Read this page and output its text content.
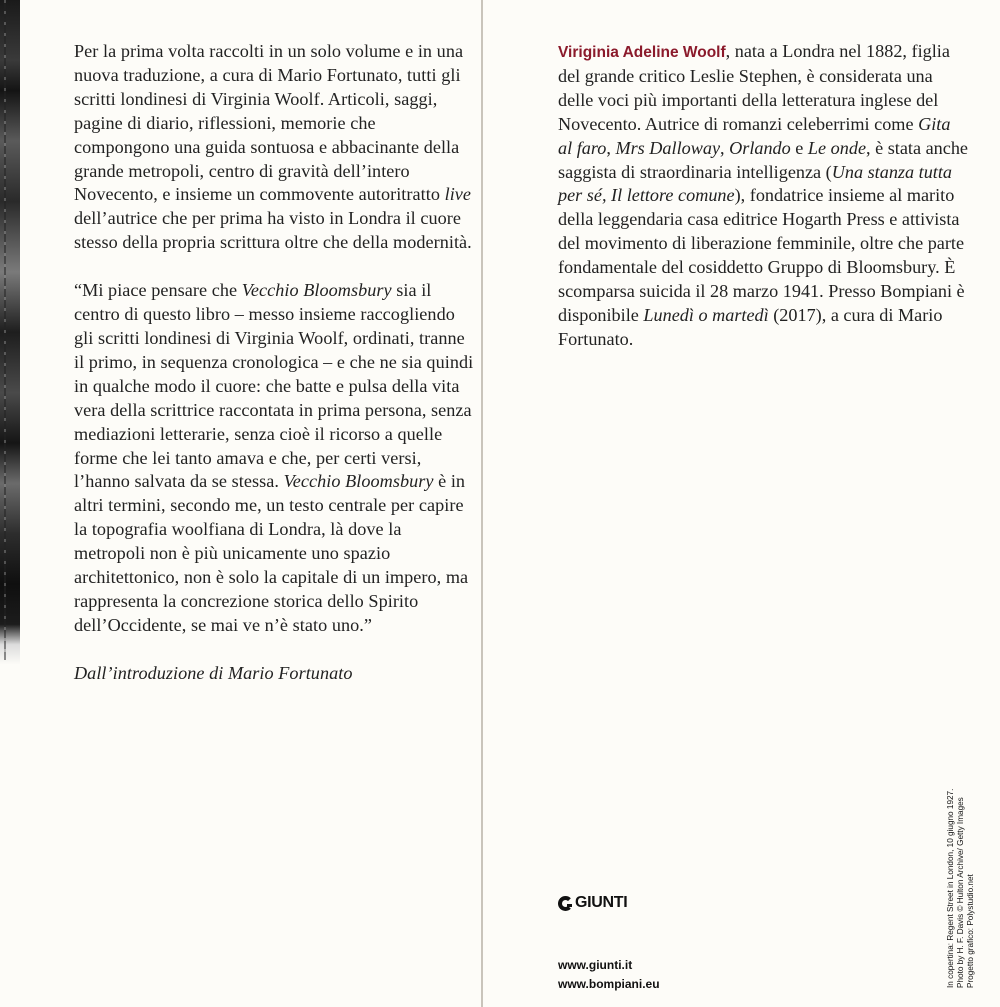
Per la prima volta raccolti in un solo volume e in una nuova traduzione, a cura di Mario Fortunato, tutti gli scritti londinesi di Virginia Woolf. Articoli, saggi, pagine di diario, riflessioni, memorie che compongono una guida sontuosa e abbacinante della grande metropoli, centro di gravità dell’intero Novecento, e insieme un commovente autoritratto live dell’autrice che per prima ha visto in Londra il cuore stesso della propria scrittura oltre che della modernità.

“Mi piace pensare che Vecchio Bloomsbury sia il centro di questo libro – messo insieme raccogliendo gli scritti londinesi di Virginia Woolf, ordinati, tranne il primo, in sequenza cronologica – e che ne sia quindi in qualche modo il cuore: che batte e pulsa della vita vera della scrittrice raccontata in prima persona, senza mediazioni letterarie, senza cioè il ricorso a quelle forme che lei tanto amava e che, per certi versi, l’hanno salvata da se stessa. Vecchio Bloomsbury è in altri termini, secondo me, un testo centrale per capire la topografia woolfiana di Londra, là dove la metropoli non è più unicamente uno spazio architettonico, non è solo la capitale di un impero, ma rappresenta la concrezione storica dello Spirito dell’Occidente, se mai ve n’è stato uno.”

Dall’introduzione di Mario Fortunato

Viriginia Adeline Woolf, nata a Londra nel 1882, figlia del grande critico Leslie Stephen, è considerata una delle voci più importanti della letteratura inglese del Novecento. Autrice di romanzi celeberrimi come Gita al faro, Mrs Dalloway, Orlando e Le onde, è stata anche saggista di straordinaria intelligenza (Una stanza tutta per sé, Il lettore comune), fondatrice insieme al marito della leggendaria casa editrice Hogarth Press e attivista del movimento di liberazione femminile, oltre che parte fondamentale del cosiddetto Gruppo di Bloomsbury. È scomparsa suicida il 28 marzo 1941. Presso Bompiani è disponibile Lunedì o martedì (2017), a cura di Mario Fortunato.

GIUNTI
www.giunti.it
www.bompiani.eu	In copertina: Regent Street in London, 10 giugno 1927. Photo by H. F. Davis © Hulton Archive/ Getty Images Progetto grafico: Polystudio.net
